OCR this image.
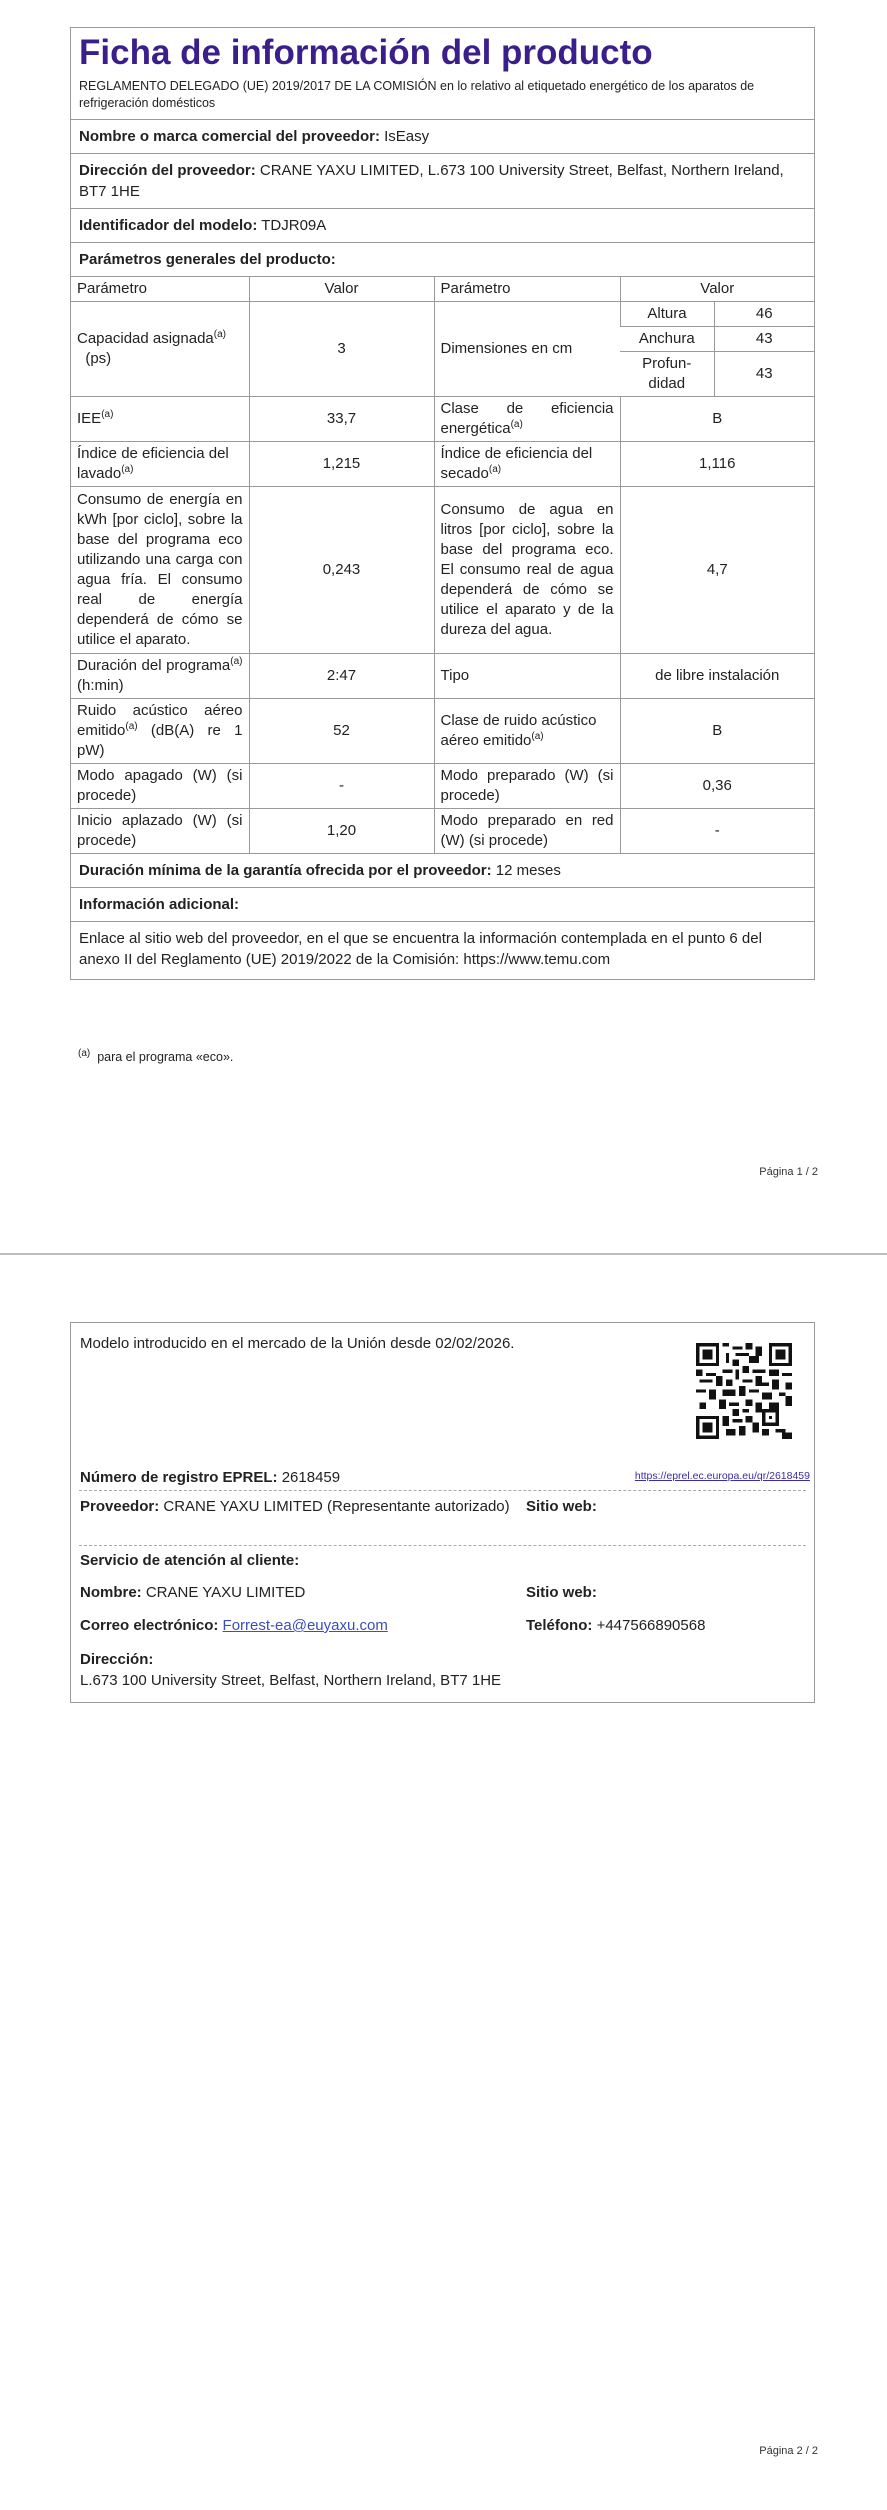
Ficha de información del producto
REGLAMENTO DELEGADO (UE) 2019/2017 DE LA COMISIÓN en lo relativo al etiquetado energético de los aparatos de refrigeración domésticos
Nombre o marca comercial del proveedor: IsEasy
Dirección del proveedor: CRANE YAXU LIMITED, L.673 100 University Street, Belfast, Northern Ireland, BT7 1HE
Identificador del modelo: TDJR09A
Parámetros generales del producto:
Parámetro	Valor	Parámetro	Valor	
Capacidad asignada$^{(a)}$
(ps)	3	Dimensiones en cm	Altura	46
			Anchura	43
			Profun-didad	43

IEE$^{(a)}$	33,7	Clase de eficiencia energética$^{(a)}$	B	
Índice de eficiencia del lavado$^{(a)}$	1,215	Índice de eficiencia del secado$^{(a)}$	1,116	
Consumo de energía en kWh [por ciclo], sobre la base del programa eco utilizando una carga con agua fría. El consumo real de energía dependerá de cómo se utilice el aparato.	0,243	Consumo de agua en litros [por ciclo], sobre la base del programa eco. El consumo real de agua dependerá de cómo se utilice el aparato y de la dureza del agua.	4,7	
Duración del programa$^{(a)}$ (h:min)	2:47	Tipo	de libre instalación	
Ruido acústico aéreo emitido$^{(a)}$ (dB(A) re 1 pW)	52	Clase de ruido acústico aéreo emitido$^{(a)}$	B	
Modo apagado (W) (si procede)	-	Modo preparado (W) (si procede)	0,36	
Inicio aplazado (W) (si procede)	1,20	Modo preparado en red (W) (si procede)	-	
Duración mínima de la garantía ofrecida por el proveedor: 12 meses
Información adicional:
Enlace al sitio web del proveedor, en el que se encuentra la información contemplada en el punto 6 del anexo II del Reglamento (UE) 2019/2022 de la Comisión: https://www.temu.com
$^{(a)}$ para el programa «eco».
Página 1 / 2
Modelo introducido en el mercado de la Unión desde 02/02/2026.
Número de registro EPREL: 2618459	https://eprel.ec.europa.eu/qr/2618459
Proveedor: CRANE YAXU LIMITED (Representante autorizado) Sitio web:
Servicio de atención al cliente:
Nombre: CRANE YAXU LIMITED	Sitio web:
Correo electrónico: Forrest-ea@euyaxu.com	Teléfono: +447566890568
Dirección:
L.673 100 University Street, Belfast, Northern Ireland, BT7 1HE
Página 2 / 2
